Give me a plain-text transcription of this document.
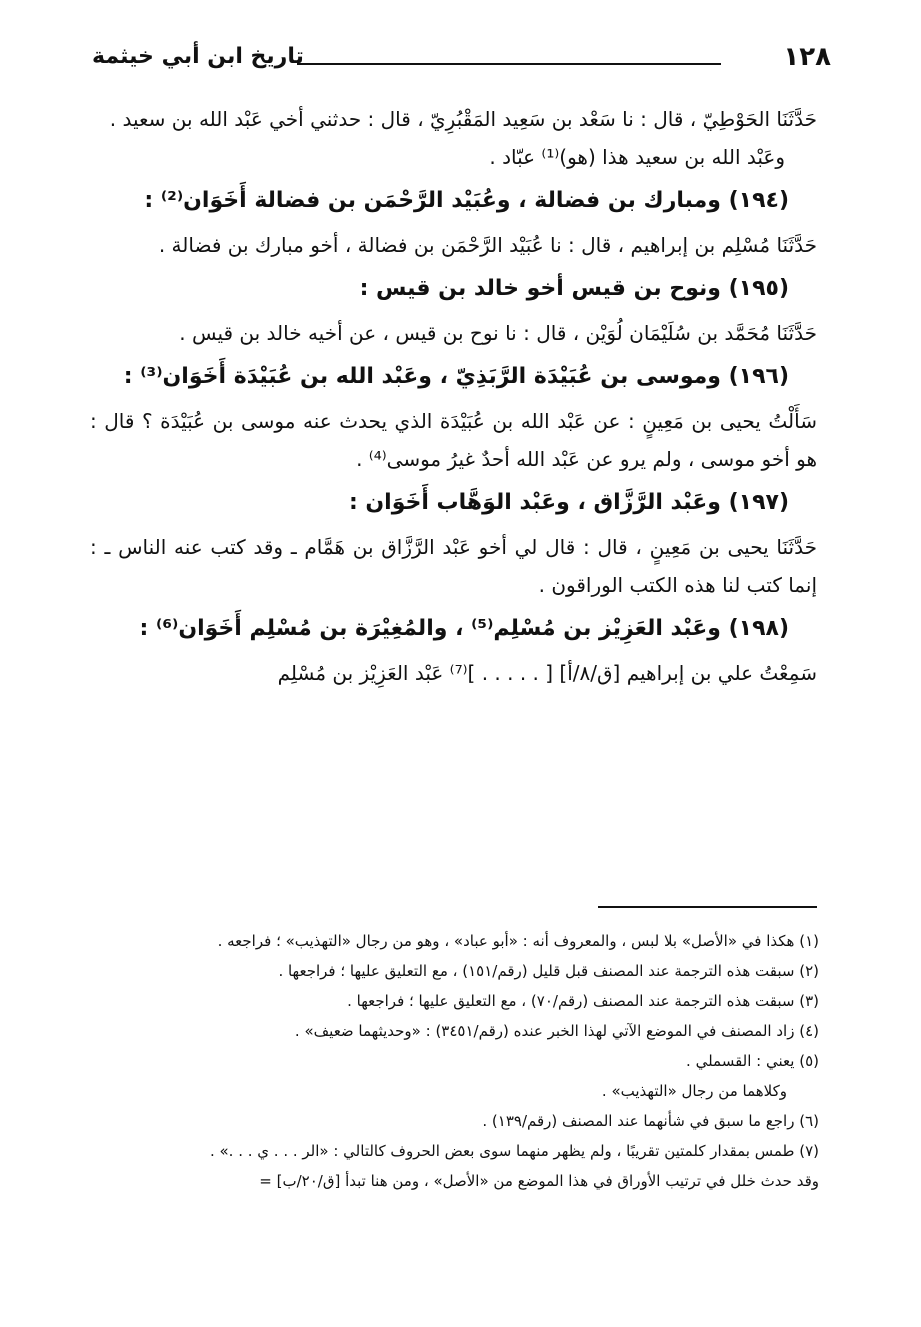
١٢٨
تاريخ ابن أبي خيثمة

حَدَّثَنَا الحَوْطِيّ ، قال : نا سَعْد بن سَعِيد المَقْبُرِيّ ، قال : حدثني أخي عَبْد الله بن سعيد .

وعَبْد الله بن سعيد هذا (هو)⁽¹⁾ عبّاد .

(١٩٤) ومبارك بن فضالة ، وعُبَيْد الرَّحْمَن بن فضالة أَخَوَان⁽²⁾ :

حَدَّثَنَا مُسْلِم بن إبراهيم ، قال : نا عُبَيْد الرَّحْمَن بن فضالة ، أخو مبارك بن فضالة .

(١٩٥) ونوح بن قيس أخو خالد بن قيس :

حَدَّثَنَا مُحَمَّد بن سُلَيْمَان لُوَيْن ، قال : نا نوح بن قيس ، عن أخيه خالد بن قيس .

(١٩٦) وموسى بن عُبَيْدَة الرَّبَذِيّ ، وعَبْد الله بن عُبَيْدَة أَخَوَان⁽³⁾ :

سَأَلْتُ يحيى بن مَعِينٍ : عن عَبْد الله بن عُبَيْدَة الذي يحدث عنه موسى بن عُبَيْدَة ؟ قال : هو أخو موسى ، ولم يرو عن عَبْد الله أحدٌ غيرُ موسى⁽⁴⁾ .

(١٩٧) وعَبْد الرَّزَّاق ، وعَبْد الوَهَّاب أَخَوَان :

حَدَّثَنَا يحيى بن مَعِينٍ ، قال : قال لي أخو عَبْد الرَّزَّاق بن هَمَّام ـ وقد كتب عنه الناس ـ : إنما كتب لنا هذه الكتب الوراقون .

(١٩٨) وعَبْد العَزِيْز بن مُسْلِم⁽⁵⁾ ، والمُغِيْرَة بن مُسْلِم أَخَوَان⁽⁶⁾ :

سَمِعْتُ علي بن إبراهيم [ق/٨/أ] [ . . . . . ]⁽⁷⁾ عَبْد العَزِيْز بن مُسْلِم

(١) هكذا في «الأصل» بلا لبس ، والمعروف أنه : «أبو عباد» ، وهو من رجال «التهذيب» ؛ فراجعه .

(٢) سبقت هذه الترجمة عند المصنف قبل قليل (رقم/١٥١) ، مع التعليق عليها ؛ فراجعها .

(٣) سبقت هذه الترجمة عند المصنف (رقم/٧٠) ، مع التعليق عليها ؛ فراجعها .

(٤) زاد المصنف في الموضع الآتي لهذا الخبر عنده (رقم/٣٤٥١) : «وحديثهما ضعيف» .

(٥) يعني : القسملي .

وكلاهما من رجال «التهذيب» .

(٦) راجع ما سبق في شأنهما عند المصنف (رقم/١٣٩) .

(٧) طمس بمقدار كلمتين تقريبًا ، ولم يظهر منهما سوى بعض الحروف كالتالي : «الر . . . ي . . .» .

وقد حدث خلل في ترتيب الأوراق في هذا الموضع من «الأصل» ، ومن هنا تبدأ [ق/٢٠/ب] =
